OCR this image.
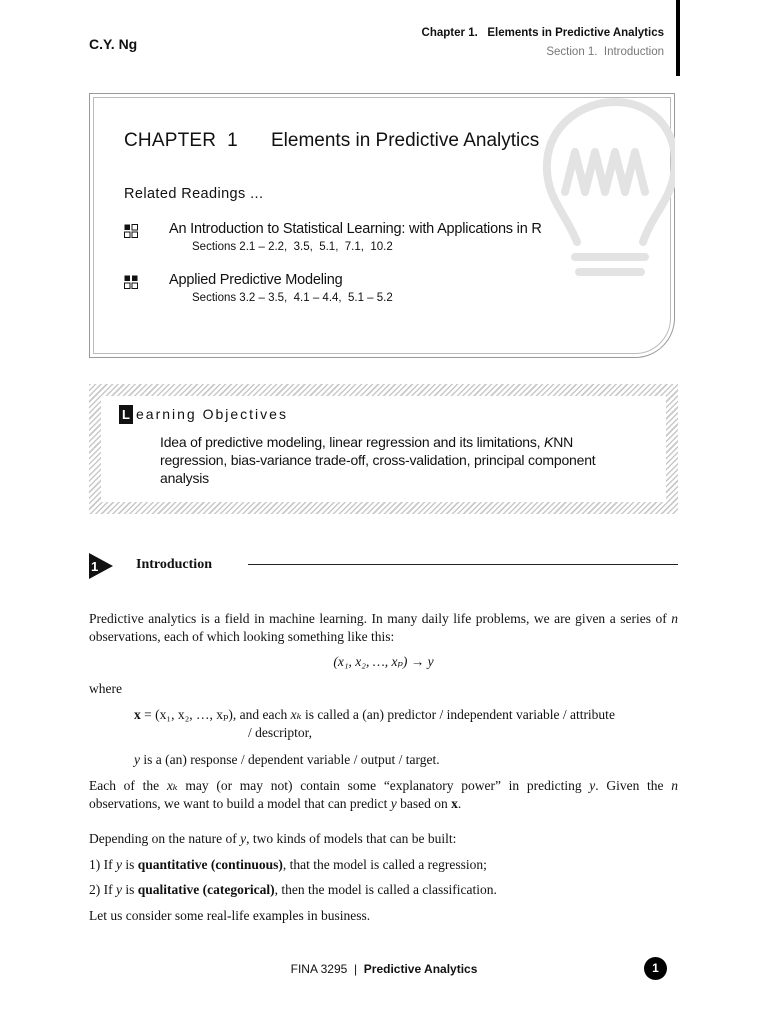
C.Y. Ng
Chapter 1.   Elements in Predictive Analytics
Section 1.  Introduction
CHAPTER  1 Elements in Predictive Analytics
Related Readings ...
An Introduction to Statistical Learning: with Applications in R
Sections 2.1 – 2.2,  3.5,  5.1,  7.1,  10.2
Applied Predictive Modeling
Sections 3.2 – 3.5,  4.1 – 4.4,  5.1 – 5.2
L earning Objectives
Idea of predictive modeling, linear regression and its limitations, KNN regression, bias-variance trade-off, cross-validation, principal component analysis
1	Introduction
Predictive analytics is a field in machine learning. In many daily life problems, we are given a series of n observations, each of which looking something like this:
(x₁, x₂, …, xₚ) → y
where
x = (x₁, x₂, …, xₚ), and each xₖ is called a (an) predictor / independent variable / attribute
/ descriptor,
y is a (an) response / dependent variable / output / target.
Each of the xₖ may (or may not) contain some “explanatory power” in predicting y. Given the n observations, we want to build a model that can predict y based on x.
Depending on the nature of y, two kinds of models that can be built:
1) If y is quantitative (continuous), that the model is called a regression;
2) If y is qualitative (categorical), then the model is called a classification.
Let us consider some real-life examples in business.
FINA 3295 | Predictive Analytics	1
